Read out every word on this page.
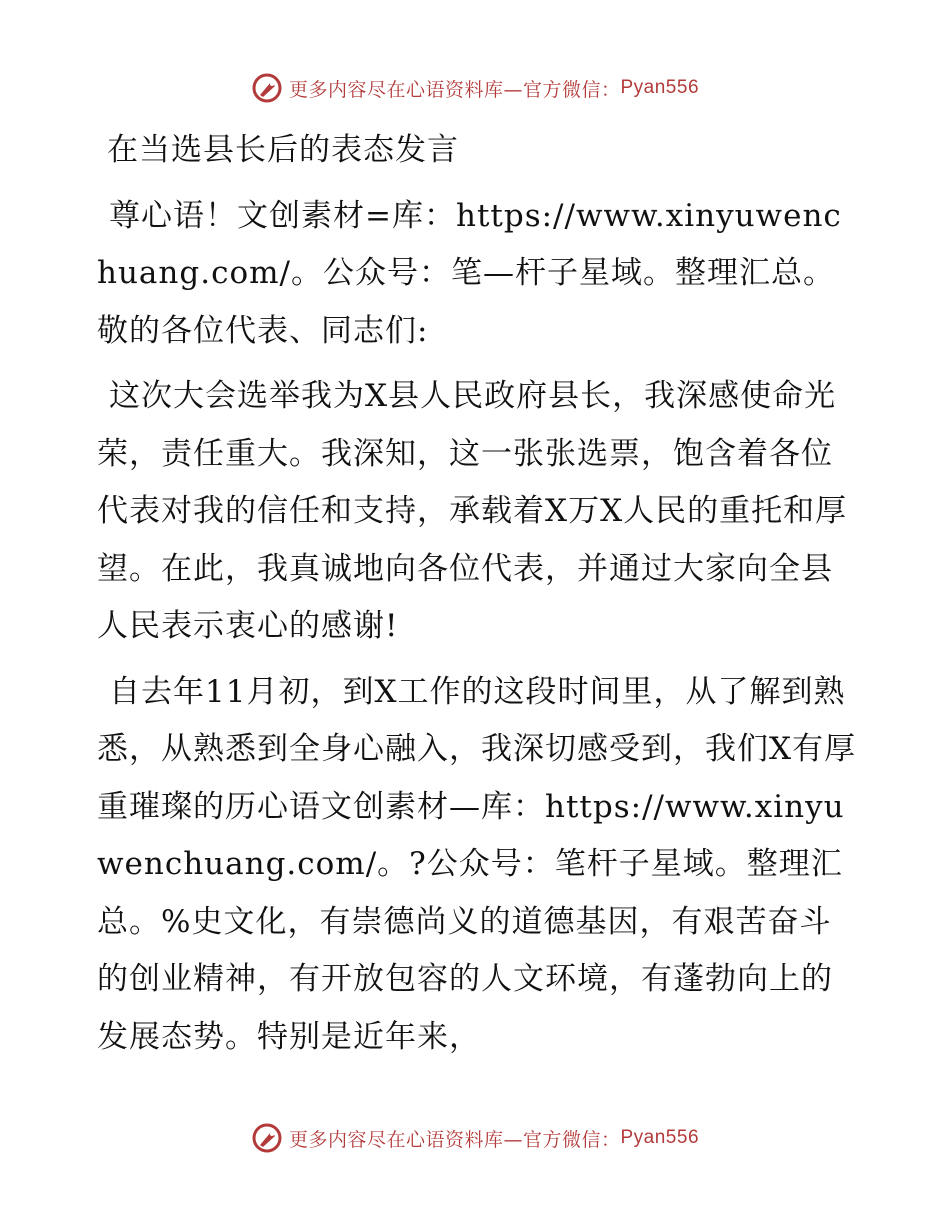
更多内容尽在心语资料库—官方微信： Pyan556
在当选县长后的表态发言

尊心语！文创素材=库：https://www.xinyuwenchuang.com/。公众号：笔—杆子星域。整理汇总。敬的各位代表、同志们:

这次大会选举我为X县人民政府县长，我深感使命光荣，责任重大。我深知，这一张张选票，饱含着各位代表对我的信任和支持，承载着X万X人民的重托和厚望。在此，我真诚地向各位代表，并通过大家向全县人民表示衷心的感谢!

自去年11月初，到X工作的这段时间里，从了解到熟悉，从熟悉到全身心融入，我深切感受到，我们X有厚重璀璨的历心语文创素材—库：https://www.xinyuwenchuang.com/。?公众号：笔杆子星域。整理汇总。%史文化，有崇德尚义的道德基因，有艰苦奋斗的创业精神，有开放包容的人文环境，有蓬勃向上的发展态势。特别是近年来，

更多内容尽在心语资料库—官方微信： Pyan556
